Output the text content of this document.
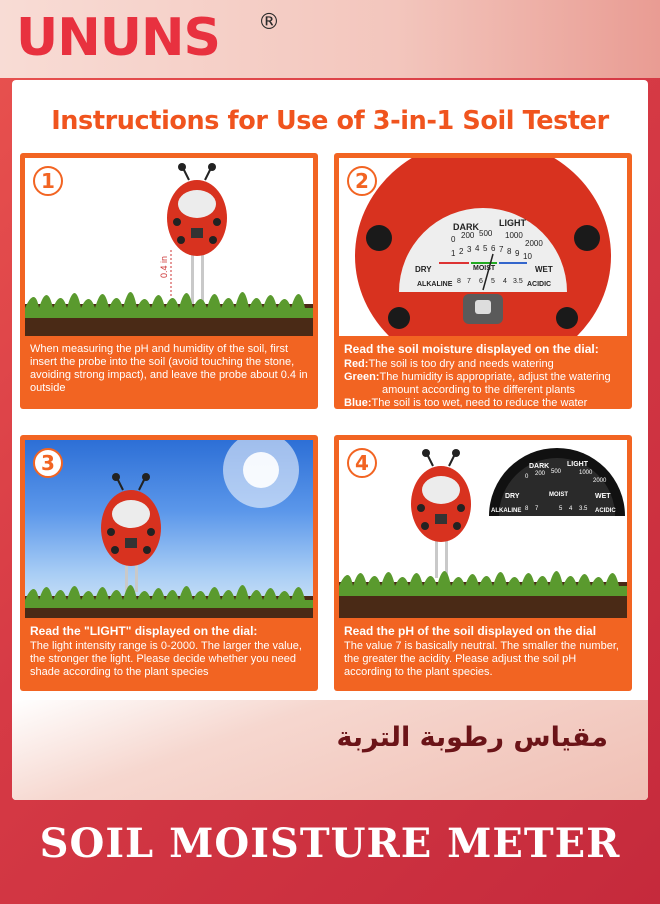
UNUNS ®
Instructions for Use of 3-in-1 Soil Tester
0.4 in
1

When measuring the pH and humidity of the soil, first insert the probe into the soil (avoid touching the stone, avoiding strong impact), and leave the probe about 0.4 in outside

DARK LIGHT
0 200 500 1000
2000
1 2 3 4 5 6 7 8 9 10
DRY	MOIST	WET
ALKALINE 8 7 6 5 4 3.5 ACIDIC
2

Read the soil moisture displayed on the dial:

Red:The soil is too dry and needs watering

Green:The humidity is appropriate, adjust the watering

amount according to the different plants

Blue:The soil is too wet, need to reduce the water

3

Read the "LIGHT" displayed on the dial:

The light intensity range is 0-2000. The larger the value, the stronger the light. Please decide whether you need shade according to the plant species

DARK	LIGHT
0 200 500	1000
2000
DRY	MOIST	WET
ALKALINE 8 7	5 4 3.5 ACIDIC
4

Read the pH of the soil displayed on the dial

The value 7 is basically neutral. The smaller the number, the greater the acidity. Please adjust the soil pH according to the plant species.

مقياس رطوبة التربة
SOIL MOISTURE METER
